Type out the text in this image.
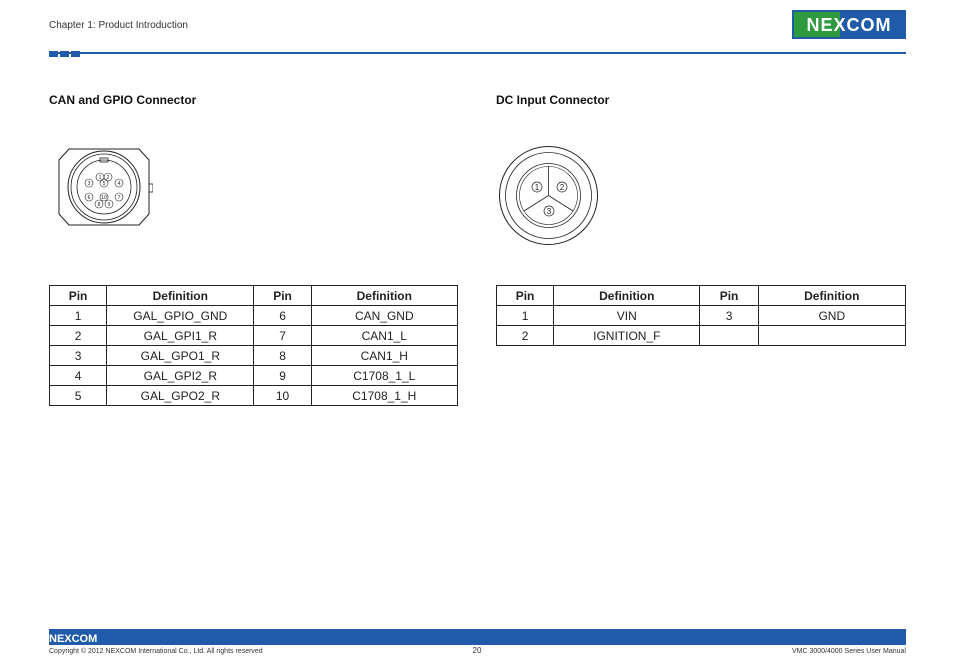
Chapter 1: Product Introduction	NEXCOM
CAN and GPIO Connector	DC Input Connector
1 2
3	4
5
6	7
8 9
10
1	2
3
Pin	Definition	Pin	Definition
1	GAL_GPIO_GND	6	CAN_GND
2	GAL_GPI1_R	7	CAN1_L
3	GAL_GPO1_R	8	CAN1_H
4	GAL_GPI2_R	9	C1708_1_L
5	GAL_GPO2_R	10	C1708_1_H
Pin	Definition	Pin	Definition
1	VIN	3	GND
2	IGNITION_F		
NEXCOM
Copyright © 2012 NEXCOM International Co., Ltd. All rights reserved	20	VMC 3000/4000 Series User Manual
